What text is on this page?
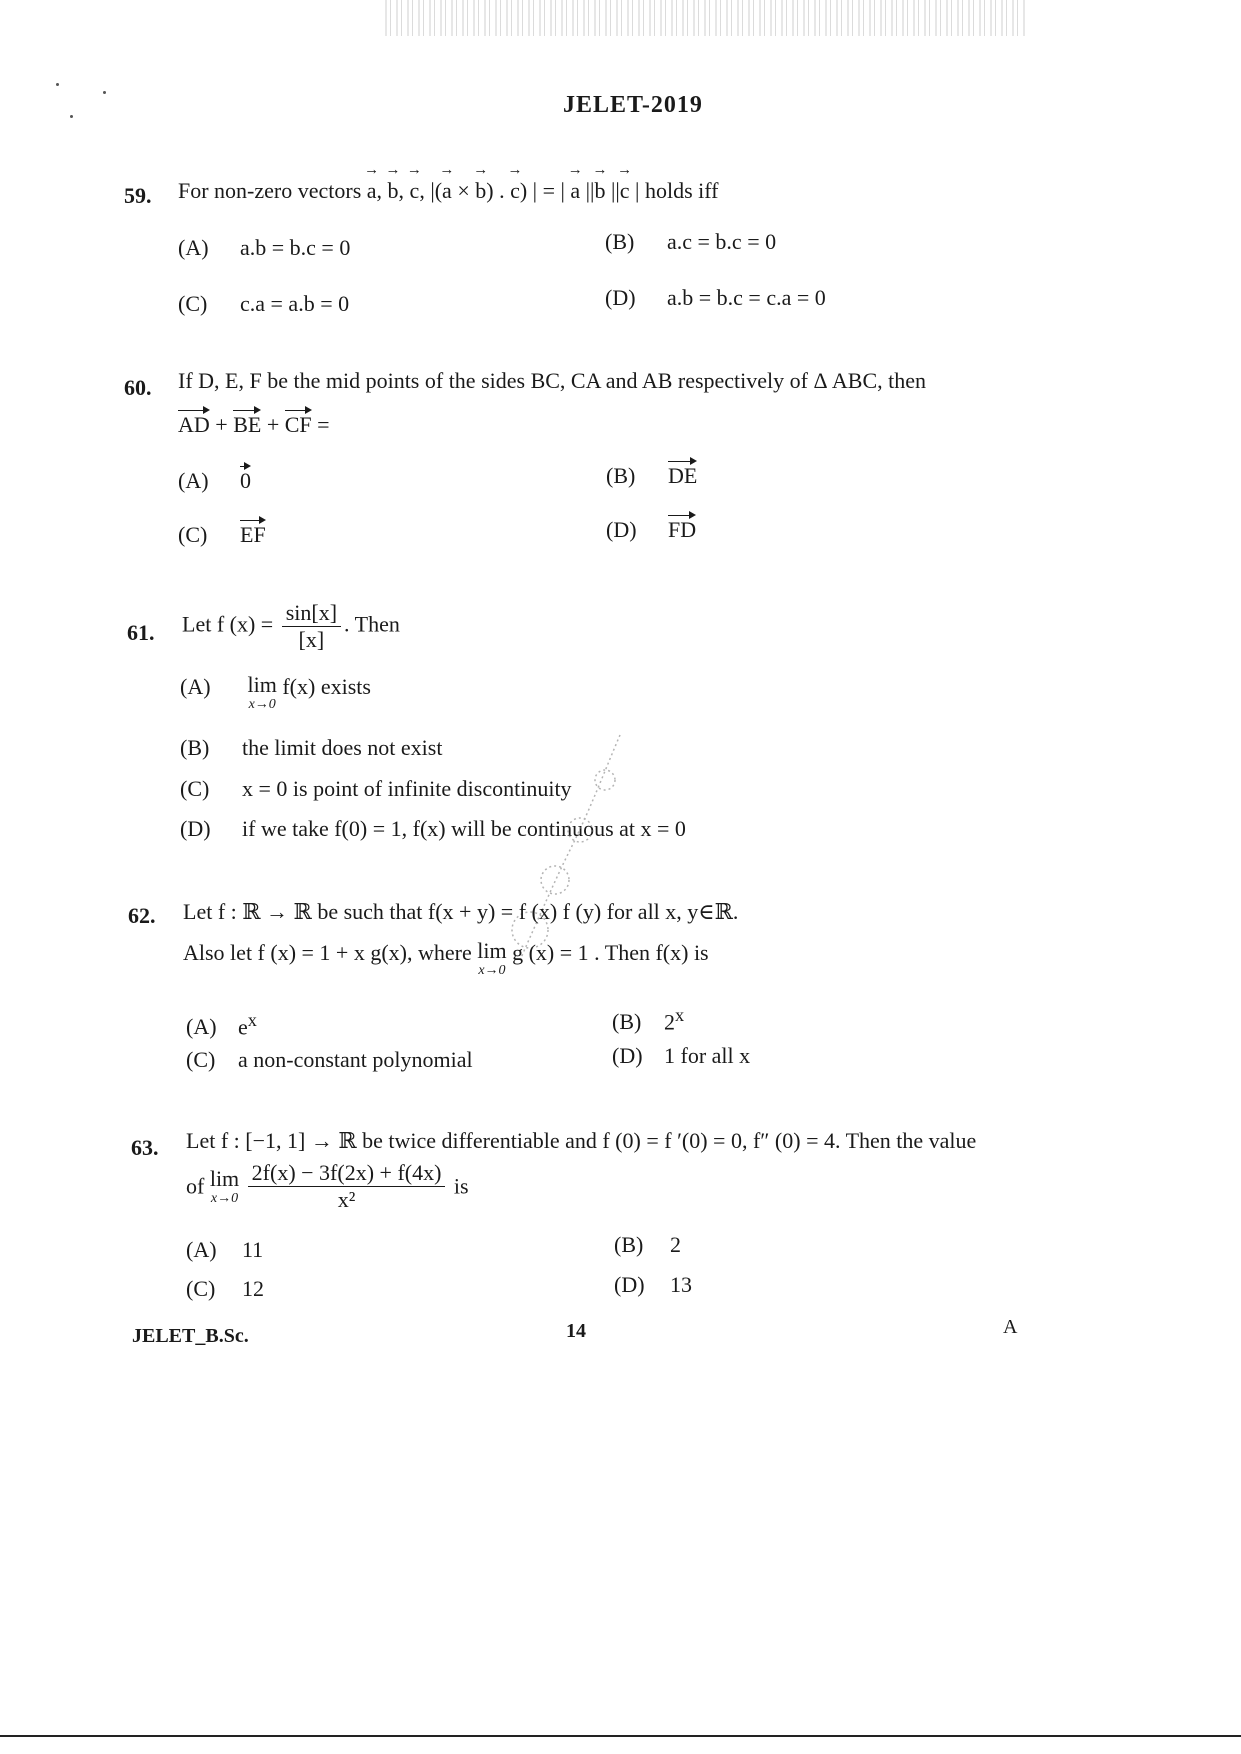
JELET-2019
59. For non-zero vectors → a, → b, → c, |(→ a × → b) . → c) | = | → a ||→ b ||→ c | holds iff
(A) a.b = b.c = 0	(B) a.c = b.c = 0
(C) c.a = a.b = 0	(D) a.b = b.c = c.a = 0
60. If D, E, F be the mid points of the sides BC, CA and AB respectively of Δ ABC, then
AD + BE + CF =
(A) 0	(B) DE
(C) EF	(D) FD
61. Let f $(x) = \frac{\sin[x]}{[x]}$ . Then
(A) lim
x→0
f(x) exists
(B) the limit does not exist
(C) x = 0 is point of infinite discontinuity
(D) if we take f(0) = 1, f(x) will be continuous at x = 0
62. Let f : ℝ → ℝ be such that f(x + y) = f (x) f (y) for all x, y∈ℝ.
Also let f (x) = 1 + x g(x), where lim
x→0
g (x) = 1 . Then f(x) is
(A) $e^x$	(B) 2$^x$
(C) a non-constant polynomial	(D) 1 for all x
63. Let f : [−1, 1] → ℝ be twice differentiable and f (0) = f ′(0) = 0, f″ (0) = 4. Then the value
of lim
x→0
$\frac{2f(x) - 3f(2x) + f(4x)}{\text{x²}}$ is
(A) 11	(B) 2
(C) 12	(D) 13
JELET_B.Sc.	14	A
